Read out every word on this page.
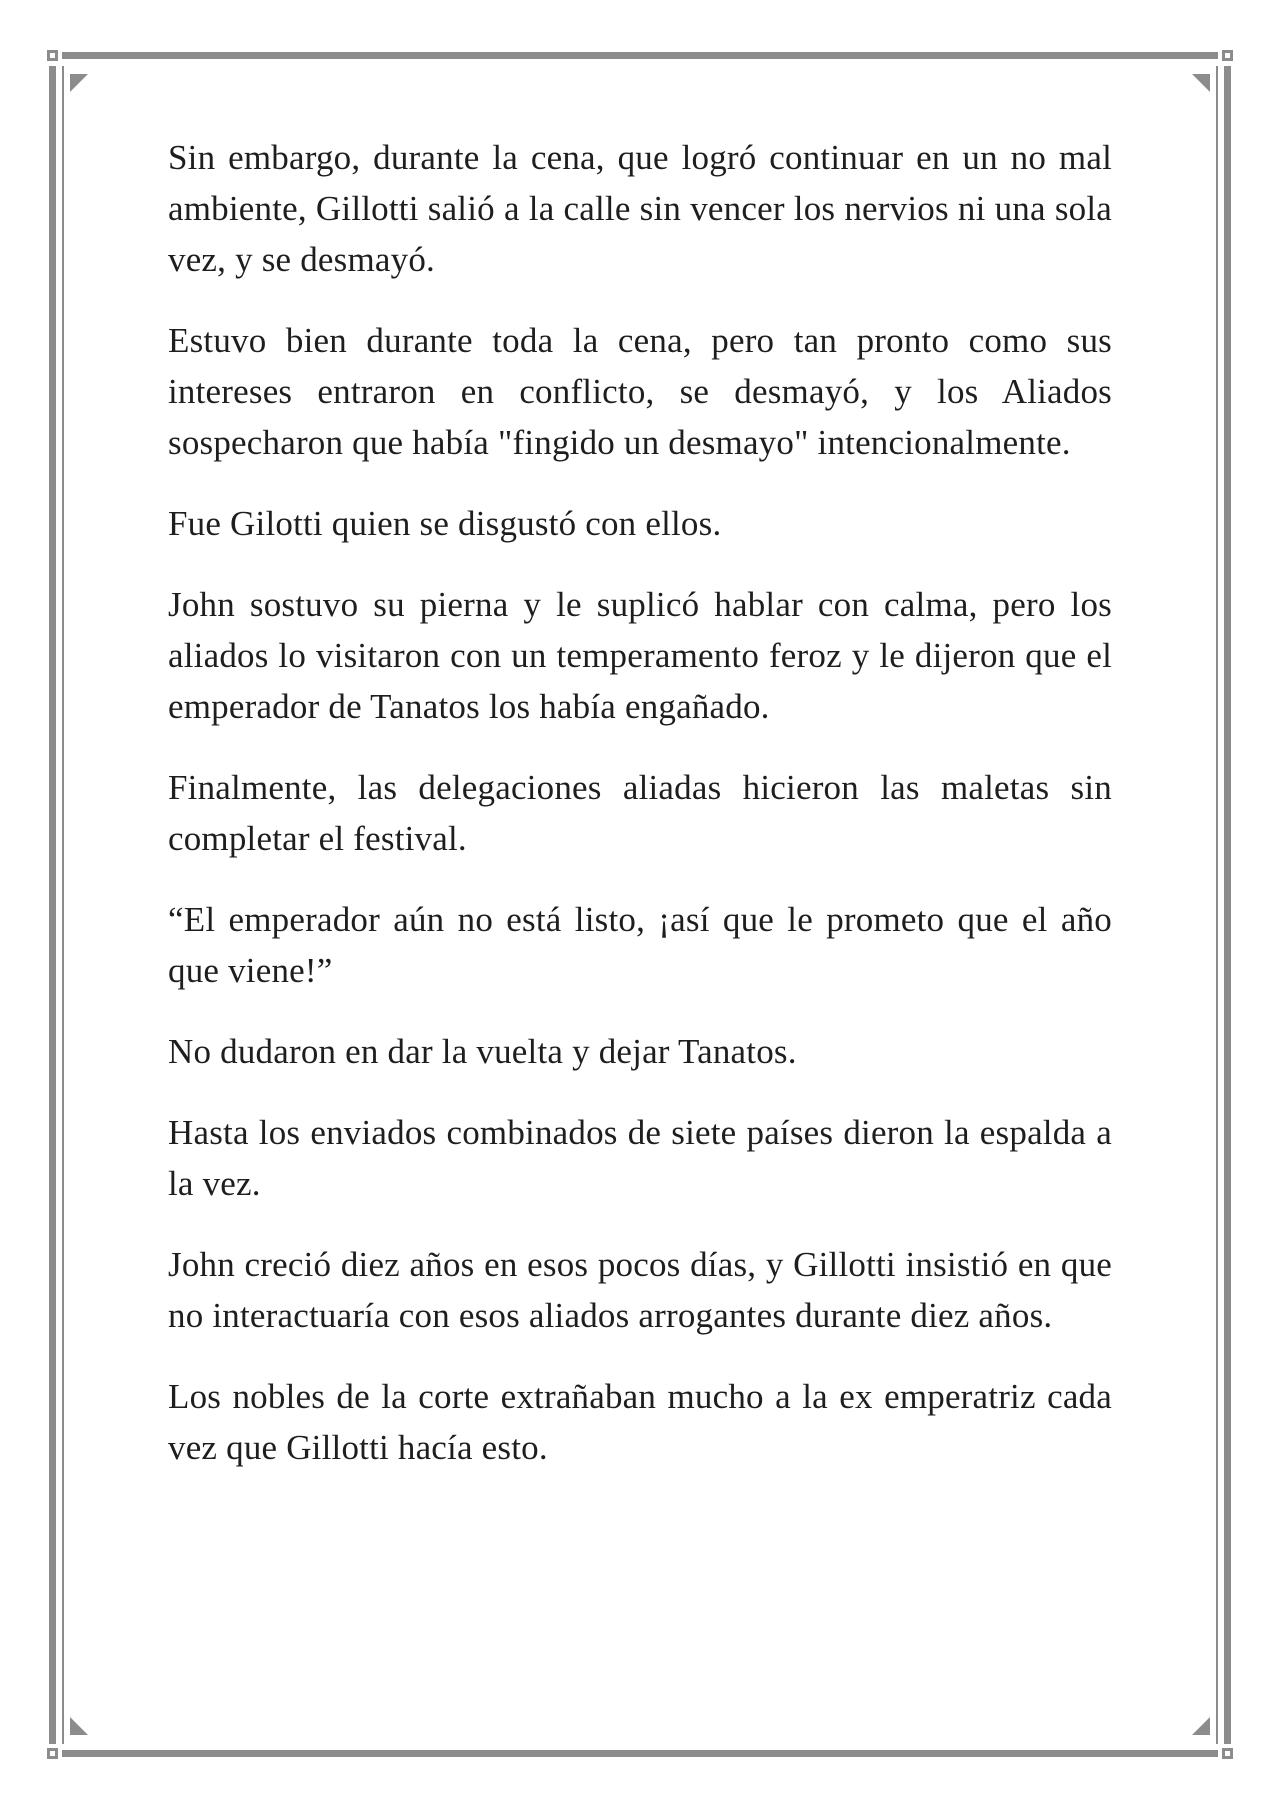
Sin embargo, durante la cena, que logró continuar en un no mal ambiente, Gillotti salió a la calle sin vencer los nervios ni una sola vez, y se desmayó.

Estuvo bien durante toda la cena, pero tan pronto como sus intereses entraron en conflicto, se desmayó, y los Aliados sospecharon que había "fingido un desmayo" intencionalmente.

Fue Gilotti quien se disgustó con ellos.

John sostuvo su pierna y le suplicó hablar con calma, pero los aliados lo visitaron con un temperamento feroz y le dijeron que el emperador de Tanatos los había engañado.

Finalmente, las delegaciones aliadas hicieron las maletas sin completar el festival.

“El emperador aún no está listo, ¡así que le prometo que el año que viene!”

No dudaron en dar la vuelta y dejar Tanatos.

Hasta los enviados combinados de siete países dieron la espalda a la vez.

John creció diez años en esos pocos días, y Gillotti insistió en que no interactuaría con esos aliados arrogantes durante diez años.

Los nobles de la corte extrañaban mucho a la ex emperatriz cada vez que Gillotti hacía esto.
